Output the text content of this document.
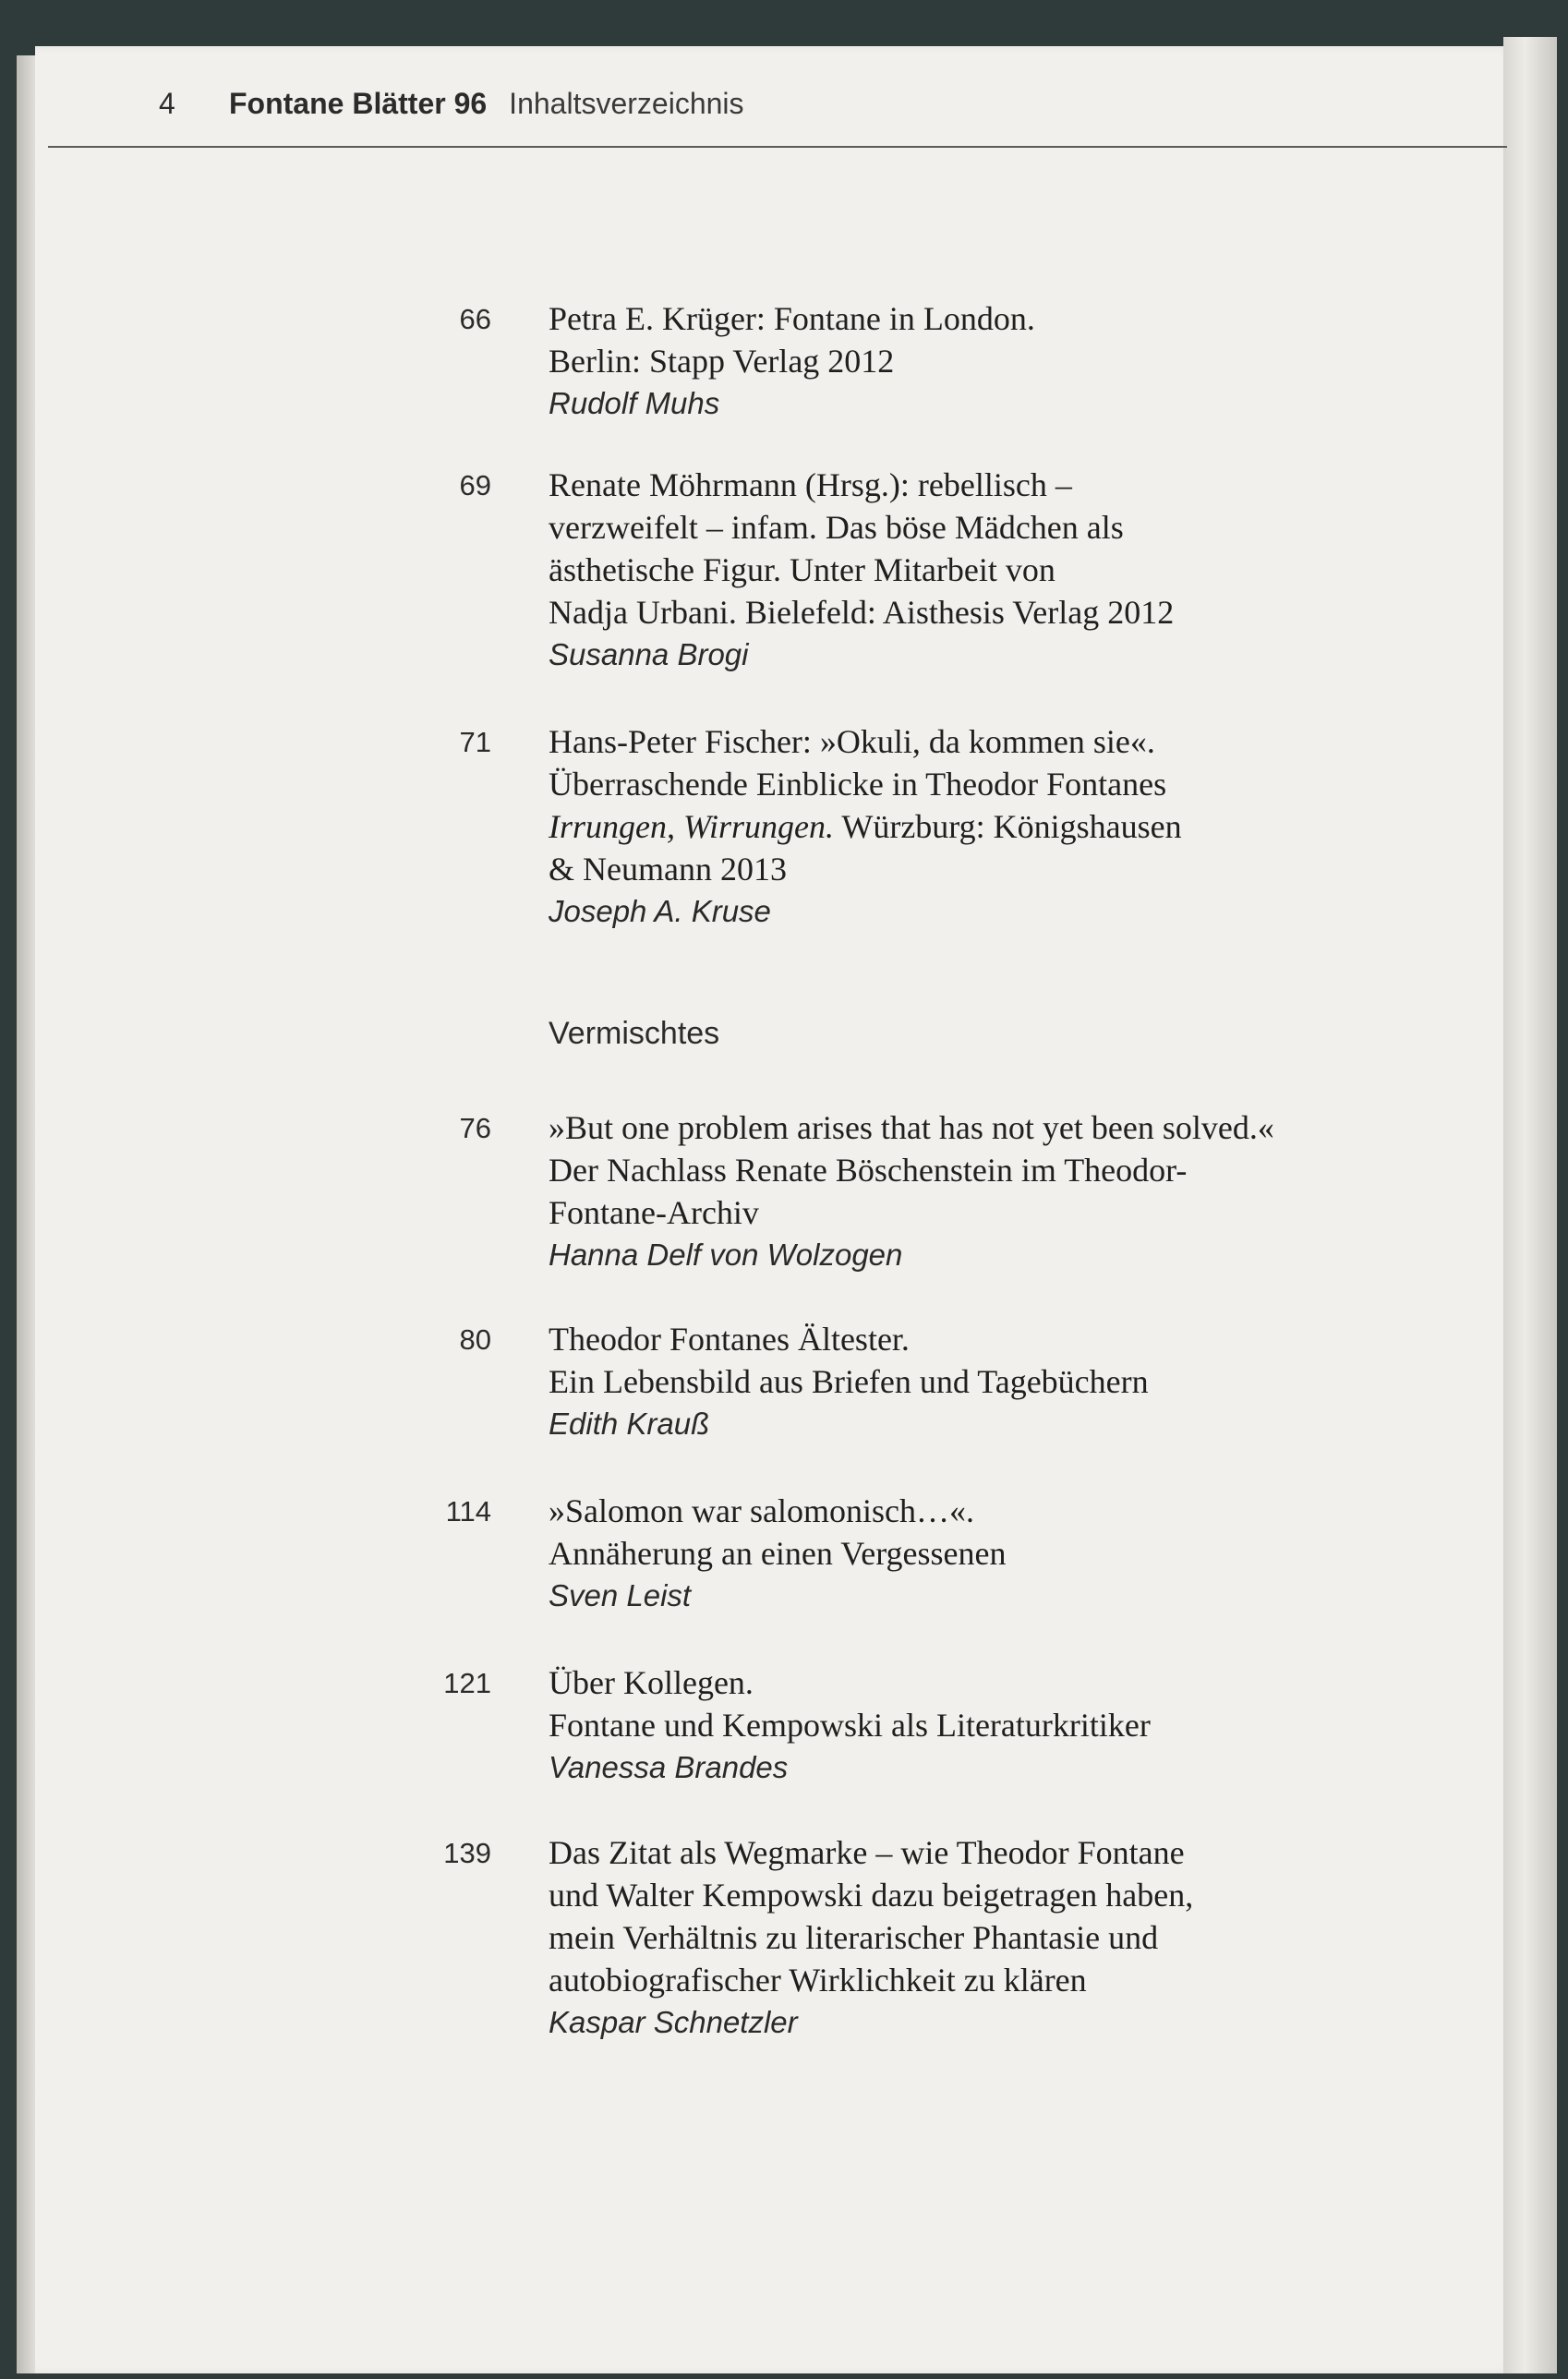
4	Fontane Blätter 96 Inhaltsverzeichnis
66 Petra E. Krüger: Fontane in London.
Berlin: Stapp Verlag 2012
Rudolf Muhs
69 Renate Möhrmann (Hrsg.): rebellisch –
verzweifelt – infam. Das böse Mädchen als
ästhetische Figur. Unter Mitarbeit von
Nadja Urbani. Bielefeld: Aisthesis Verlag 2012
Susanna Brogi
71 Hans-Peter Fischer: »Okuli, da kommen sie«.
Überraschende Einblicke in Theodor Fontanes
Irrungen, Wirrungen. Würzburg: Königshausen
& Neumann 2013
Joseph A. Kruse
Vermischtes
76 »But one problem arises that has not yet been solved.«
Der Nachlass Renate Böschenstein im Theodor-
Fontane-Archiv
Hanna Delf von Wolzogen
80 Theodor Fontanes Ältester.
Ein Lebensbild aus Briefen und Tagebüchern
Edith Krauß
114 »Salomon war salomonisch…«.
Annäherung an einen Vergessenen
Sven Leist
121 Über Kollegen.
Fontane und Kempowski als Literaturkritiker
Vanessa Brandes
139 Das Zitat als Wegmarke – wie Theodor Fontane
und Walter Kempowski dazu beigetragen haben,
mein Verhältnis zu literarischer Phantasie und
autobiografischer Wirklichkeit zu klären
Kaspar Schnetzler
